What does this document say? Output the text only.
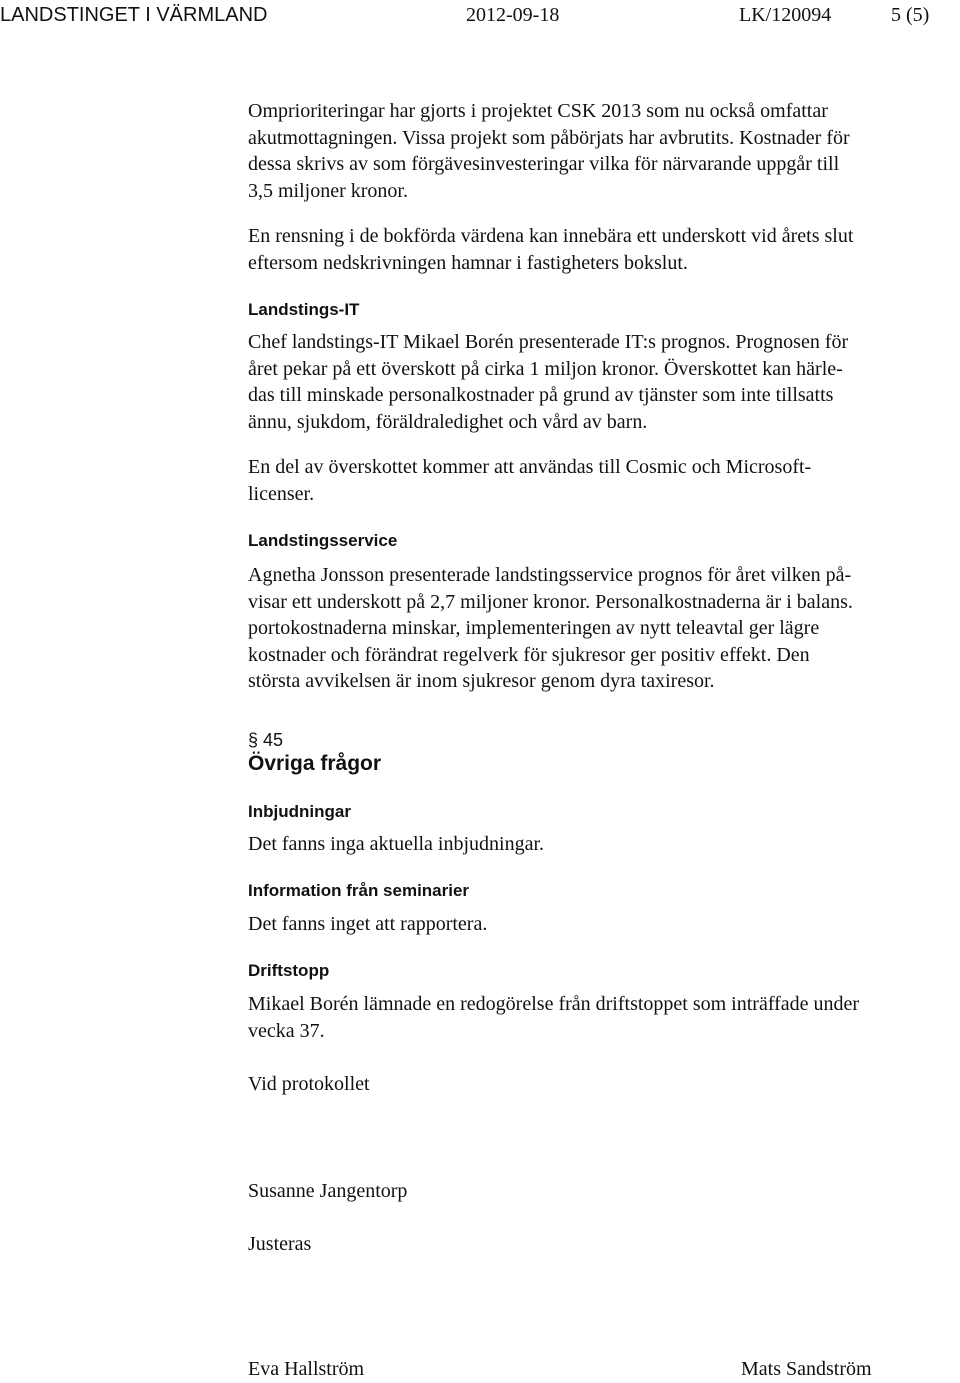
LANDSTINGET I VÄRMLAND	2012-09-18	LK/120094	5 (5)
Omprioriteringar har gjorts i projektet CSK 2013 som nu också omfattar
akutmottagningen. Vissa projekt som påbörjats har avbrutits. Kostnader för
dessa skrivs av som förgävesinvesteringar vilka för närvarande uppgår till
3,5 miljoner kronor.
En rensning i de bokförda värdena kan innebära ett underskott vid årets slut
eftersom nedskrivningen hamnar i fastigheters bokslut.
Landstings-IT
Chef landstings-IT Mikael Borén presenterade IT:s prognos. Prognosen för
året pekar på ett överskott på cirka 1 miljon kronor. Överskottet kan härle-
das till minskade personalkostnader på grund av tjänster som inte tillsatts
ännu, sjukdom, föräldraledighet och vård av barn.
En del av överskottet kommer att användas till Cosmic och Microsoft-
licenser.
Landstingsservice
Agnetha Jonsson presenterade landstingsservice prognos för året vilken på-
visar ett underskott på 2,7 miljoner kronor. Personalkostnaderna är i balans.
portokostnaderna minskar, implementeringen av nytt teleavtal ger lägre
kostnader och förändrat regelverk för sjukresor ger positiv effekt. Den
största avvikelsen är inom sjukresor genom dyra taxiresor.
§ 45
Övriga frågor
Inbjudningar
Det fanns inga aktuella inbjudningar.
Information från seminarier
Det fanns inget att rapportera.
Driftstopp
Mikael Borén lämnade en redogörelse från driftstoppet som inträffade under
vecka 37.
Vid protokollet
Susanne Jangentorp
Justeras
Eva Hallström	Mats Sandström
